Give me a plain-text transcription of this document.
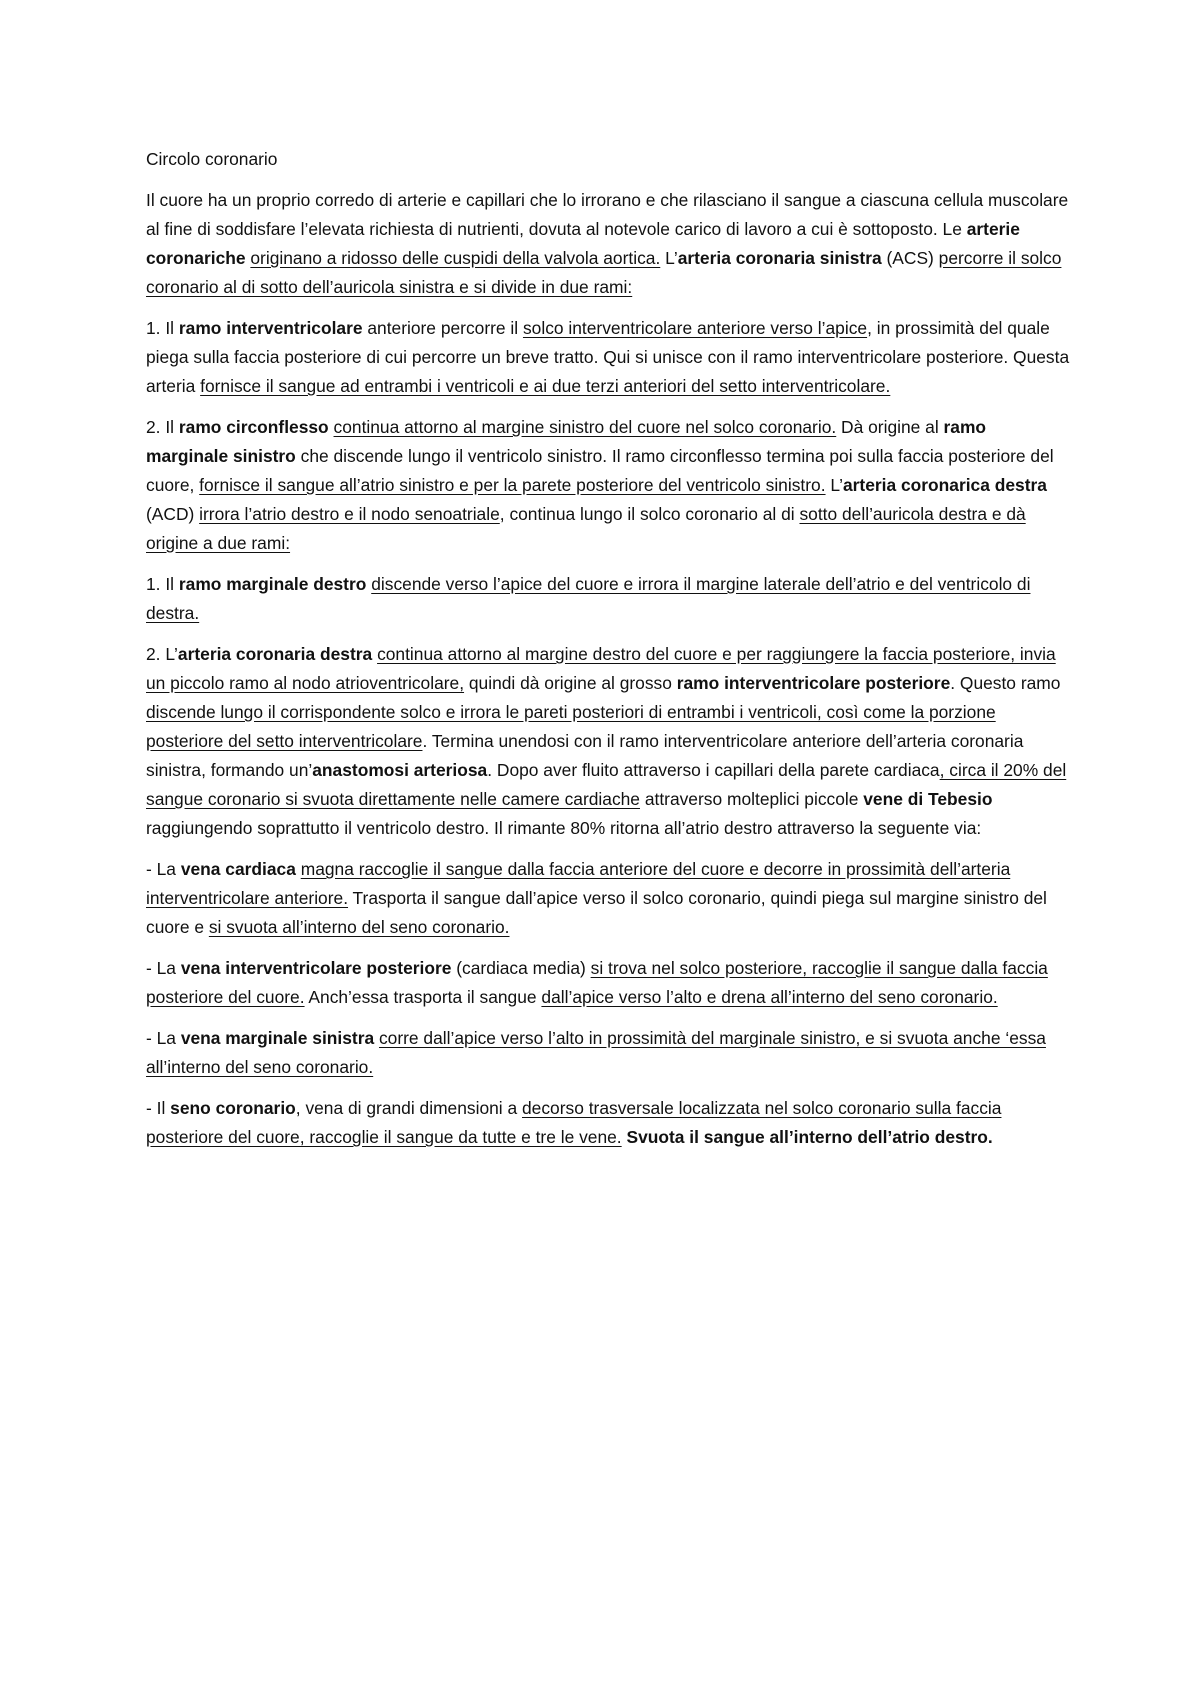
Circolo coronario

Il cuore ha un proprio corredo di arterie e capillari che lo irrorano e che rilasciano il sangue a ciascuna cellula muscolare al fine di soddisfare l’elevata richiesta di nutrienti, dovuta al notevole carico di lavoro a cui è sottoposto. Le arterie coronariche originano a ridosso delle cuspidi della valvola aortica. L’arteria coronaria sinistra (ACS) percorre il solco coronario al di sotto dell’auricola sinistra e si divide in due rami:

1. Il ramo interventricolare anteriore percorre il solco interventricolare anteriore verso l’apice, in prossimità del quale piega sulla faccia posteriore di cui percorre un breve tratto. Qui si unisce con il ramo interventricolare posteriore. Questa arteria fornisce il sangue ad entrambi i ventricoli e ai due terzi anteriori del setto interventricolare.

2. Il ramo circonflesso continua attorno al margine sinistro del cuore nel solco coronario. Dà origine al ramo marginale sinistro che discende lungo il ventricolo sinistro. Il ramo circonflesso termina poi sulla faccia posteriore del cuore, fornisce il sangue all’atrio sinistro e per la parete posteriore del ventricolo sinistro. L’arteria coronarica destra (ACD) irrora l’atrio destro e il nodo senoatriale, continua lungo il solco coronario al di sotto dell’auricola destra e dà origine a due rami:

1. Il ramo marginale destro discende verso l’apice del cuore e irrora il margine laterale dell’atrio e del ventricolo di destra.

2. L’arteria coronaria destra continua attorno al margine destro del cuore e per raggiungere la faccia posteriore, invia un piccolo ramo al nodo atrioventricolare, quindi dà origine al grosso ramo interventricolare posteriore. Questo ramo discende lungo il corrispondente solco e irrora le pareti posteriori di entrambi i ventricoli, così come la porzione posteriore del setto interventricolare. Termina unendosi con il ramo interventricolare anteriore dell’arteria coronaria sinistra, formando un’anastomosi arteriosa. Dopo aver fluito attraverso i capillari della parete cardiaca, circa il 20% del sangue coronario si svuota direttamente nelle camere cardiache attraverso molteplici piccole vene di Tebesio raggiungendo soprattutto il ventricolo destro. Il rimante 80% ritorna all’atrio destro attraverso la seguente via:

- La vena cardiaca magna raccoglie il sangue dalla faccia anteriore del cuore e decorre in prossimità dell’arteria interventricolare anteriore. Trasporta il sangue dall’apice verso il solco coronario, quindi piega sul margine sinistro del cuore e si svuota all’interno del seno coronario.

- La vena interventricolare posteriore (cardiaca media) si trova nel solco posteriore, raccoglie il sangue dalla faccia posteriore del cuore. Anch’essa trasporta il sangue dall’apice verso l’alto e drena all’interno del seno coronario.

- La vena marginale sinistra corre dall’apice verso l’alto in prossimità del marginale sinistro, e si svuota anche ‘essa all’interno del seno coronario.

- Il seno coronario, vena di grandi dimensioni a decorso trasversale localizzata nel solco coronario sulla faccia posteriore del cuore, raccoglie il sangue da tutte e tre le vene. Svuota il sangue all’interno dell’atrio destro.
